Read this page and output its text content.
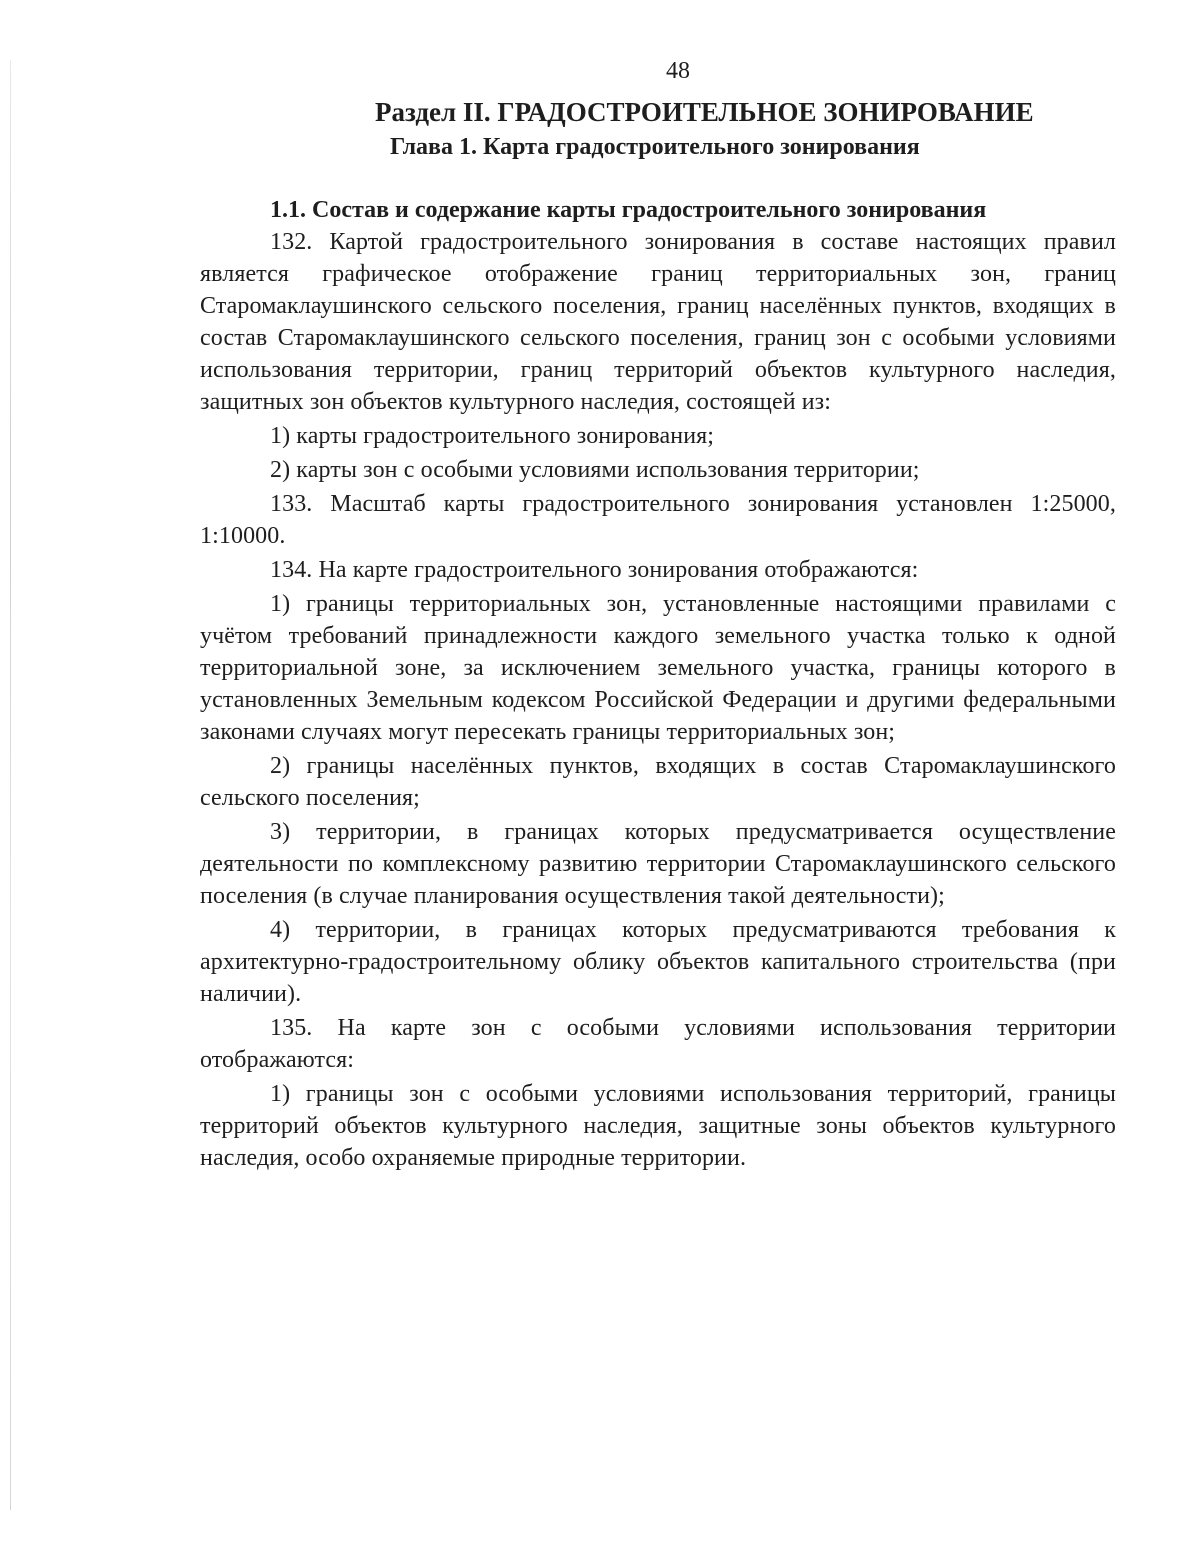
48
Раздел II. ГРАДОСТРОИТЕЛЬНОЕ ЗОНИРОВАНИЕ
Глава 1. Карта градостроительного зонирования
1.1. Состав и содержание карты градостроительного зонирования

132. Картой градостроительного зонирования в составе настоящих правил является графическое отображение границ территориальных зон, границ Старомаклаушинского сельского поселения, границ населённых пунктов, входящих в состав Старомаклаушинского сельского поселения, границ зон с особыми условиями использования территории, границ территорий объектов культурного наследия, защитных зон объектов культурного наследия, состоящей из:

1) карты градостроительного зонирования;

2) карты зон с особыми условиями использования территории;

133. Масштаб карты градостроительного зонирования установлен 1:25000, 1:10000.

134. На карте градостроительного зонирования отображаются:

1) границы территориальных зон, установленные настоящими правилами с учётом требований принадлежности каждого земельного участка только к одной территориальной зоне, за исключением земельного участка, границы которого в установленных Земельным кодексом Российской Федерации и другими федеральными законами случаях могут пересекать границы территориальных зон;

2) границы населённых пунктов, входящих в состав Старомаклаушинского сельского поселения;

3) территории, в границах которых предусматривается осуществление деятельности по комплексному развитию территории Старомаклаушинского сельского поселения (в случае планирования осуществления такой деятельности);

4) территории, в границах которых предусматриваются требования к архитектурно-градостроительному облику объектов капитального строительства (при наличии).

135. На карте зон с особыми условиями использования территории отображаются:

1) границы зон с особыми условиями использования территорий, границы территорий объектов культурного наследия, защитные зоны объектов культурного наследия, особо охраняемые природные территории.
